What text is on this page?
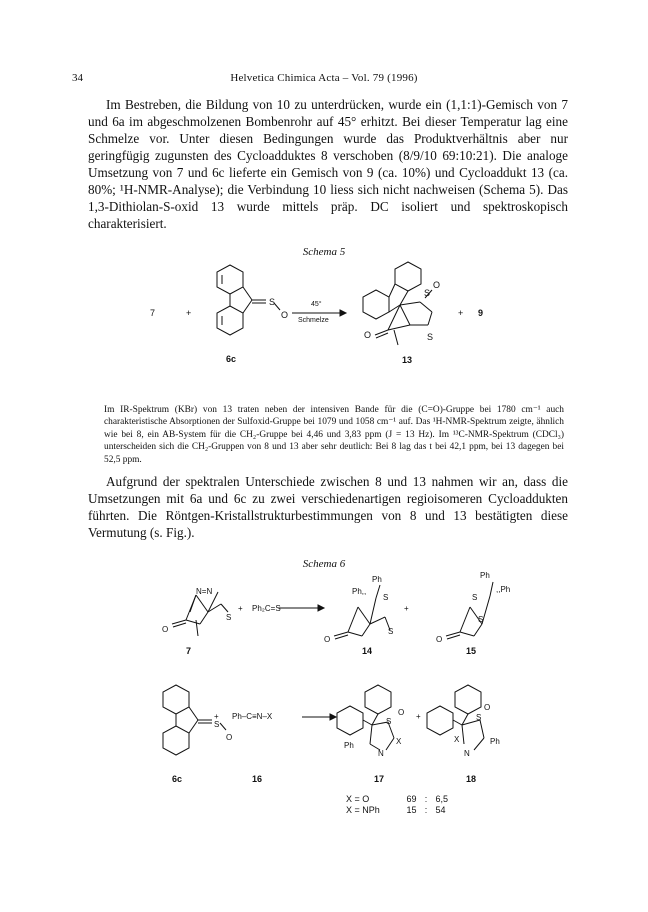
34	Helvetica Chimica Acta – Vol. 79 (1996)

Im Bestreben, die Bildung von 10 zu unterdrücken, wurde ein (1,1:1)-Gemisch von 7 und 6a im abgeschmolzenen Bombenrohr auf 45° erhitzt. Bei dieser Temperatur lag eine Schmelze vor. Unter diesen Bedingungen wurde das Produktverhältnis aber nur geringfügig zugunsten des Cycloadduktes 8 verschoben (8/9/10 69:10:21). Die analoge Umsetzung von 7 und 6c lieferte ein Gemisch von 9 (ca. 10%) und Cycloaddukt 13 (ca. 80%; ¹H-NMR-Analyse); die Verbindung 10 liess sich nicht nachweisen (Schema 5). Das 1,3-Dithiolan-S-oxid 13 wurde mittels präp. DC isoliert und spektroskopisch charakterisiert.

Schema 5
7	+
S
O
6c
45°
Schmelze
O
S
S
O
13
+ 9
N=N
S
O
7
+ Ph₂C=S
Ph
Ph,,
S
S
O
14
+
Ph
,,Ph
S
S
O
15
S
O
6c
+ Ph–C≡N–X
16
O
S
X
Ph
N
17
+
O
S
X
N
Ph
18
Im IR-Spektrum (KBr) von 13 traten neben der intensiven Bande für die (C=O)-Gruppe bei 1780 cm⁻¹ auch charakteristische Absorptionen der Sulfoxid-Gruppe bei 1079 und 1058 cm⁻¹ auf. Das ¹H-NMR-Spektrum zeigte, ähnlich wie bei 8, ein AB-System für die CH₂-Gruppe bei 4,46 und 3,83 ppm (J = 13 Hz). Im ¹³C-NMR-Spektrum (CDCl₃) unterscheiden sich die CH₂-Gruppen von 8 und 13 aber sehr deutlich: Bei 8 lag das t bei 42,1 ppm, bei 13 dagegen bei 52,5 ppm.

Aufgrund der spektralen Unterschiede zwischen 8 und 13 nahmen wir an, dass die Umsetzungen mit 6a und 6c zu zwei verschiedenartigen regioisomeren Cycloaddukten führten. Die Röntgen-Kristallstrukturbestimmungen von 8 und 13 bestätigten diese Vermutung (s. Fig.).

Schema 6
X = O	69 : 6,5
X = NPh	15 : 54
